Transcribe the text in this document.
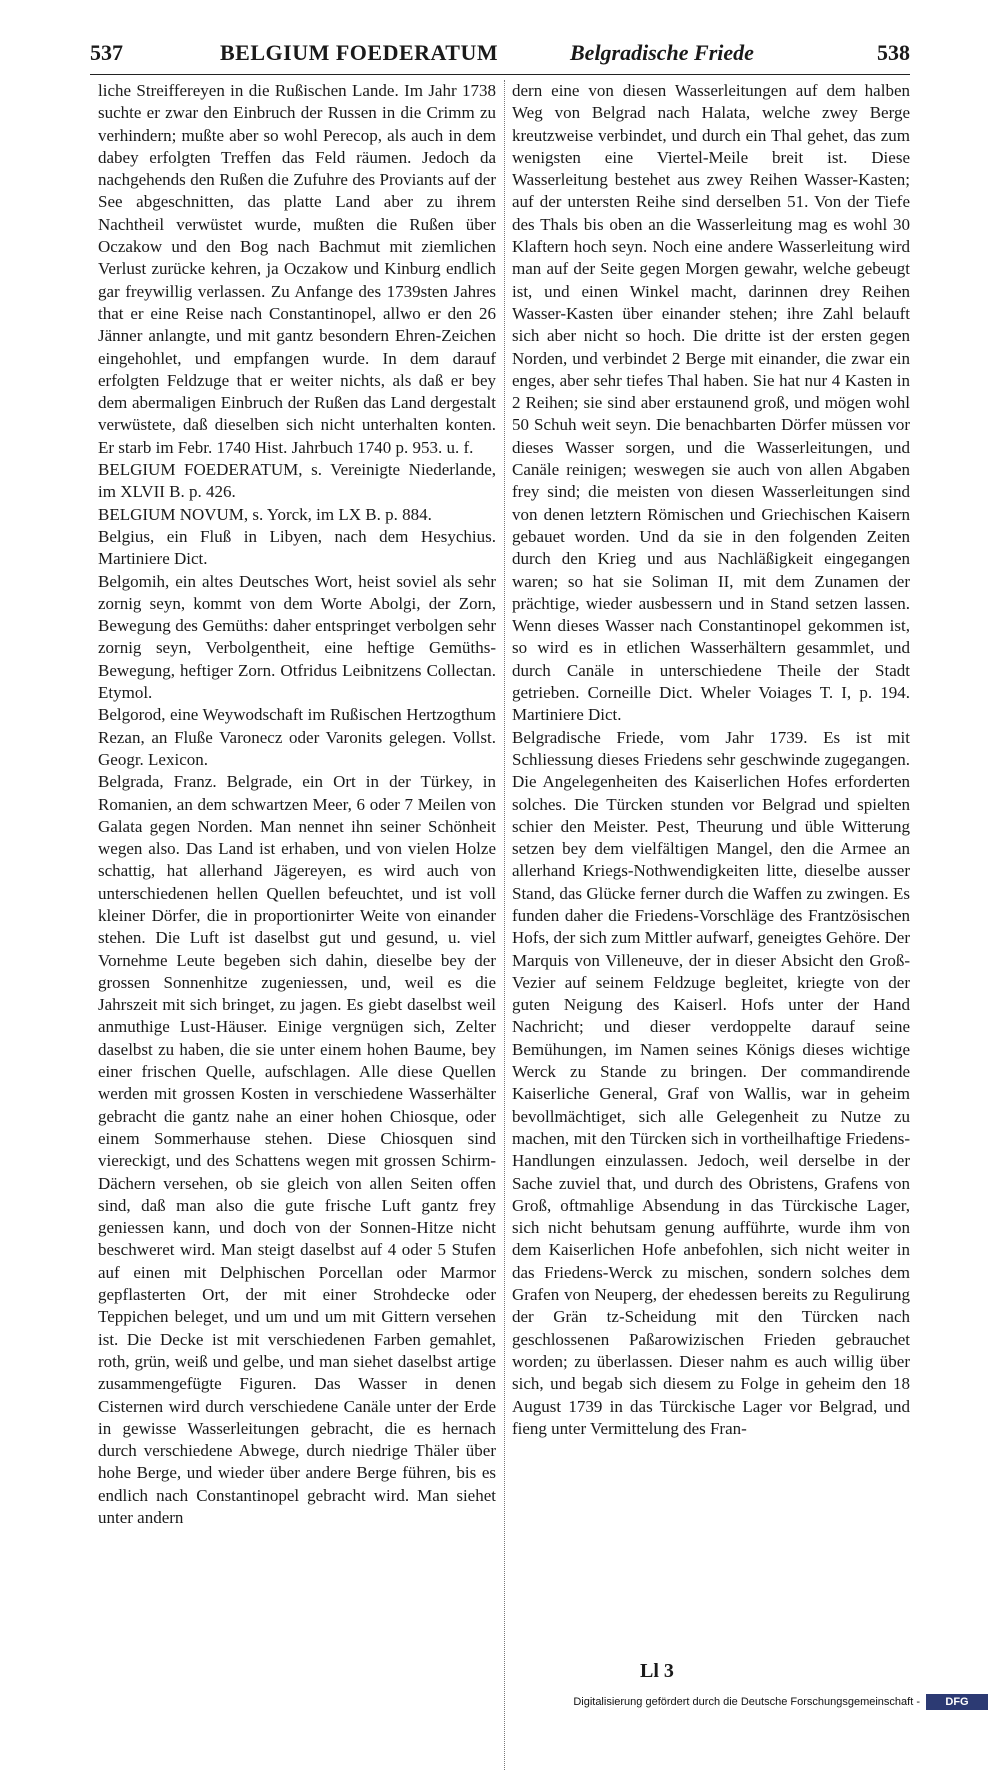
537	BELGIUM FOEDERATUM	Belgradische Friede	538

liche Streiffereyen in die Rußischen Lande. Im Jahr 1738 suchte er zwar den Einbruch der Russen in die Crimm zu verhindern; mußte aber so wohl Perecop, als auch in dem dabey erfolgten Treffen das Feld räumen. Jedoch da nachgehends den Rußen die Zufuhre des Proviants auf der See abgeschnitten, das platte Land aber zu ihrem Nachtheil verwüstet wurde, mußten die Rußen über Oczakow und den Bog nach Bachmut mit ziemlichen Verlust zurücke kehren, ja Oczakow und Kinburg endlich gar freywillig verlassen. Zu Anfange des 1739sten Jahres that er eine Reise nach Constantinopel, allwo er den 26 Jänner anlangte, und mit gantz besondern Ehren-Zeichen eingehohlet, und empfangen wurde. In dem darauf erfolgten Feldzuge that er weiter nichts, als daß er bey dem abermaligen Einbruch der Rußen das Land dergestalt verwüstete, daß dieselben sich nicht unterhalten konten. Er starb im Febr. 1740 Hist. Jahrbuch 1740 p. 953. u. f.

BELGIUM FOEDERATUM, s. Vereinigte Niederlande, im XLVII B. p. 426.

BELGIUM NOVUM, s. Yorck, im LX B. p. 884.

Belgius, ein Fluß in Libyen, nach dem Hesychius. Martiniere Dict.

Belgomih, ein altes Deutsches Wort, heist soviel als sehr zornig seyn, kommt von dem Worte Abolgi, der Zorn, Bewegung des Gemüths: daher entspringet verbolgen sehr zornig seyn, Verbolgentheit, eine heftige Gemüths-Bewegung, heftiger Zorn. Otfridus Leibnitzens Collectan. Etymol.

Belgorod, eine Weywodschaft im Rußischen Hertzogthum Rezan, an Fluße Varonecz oder Varonits gelegen. Vollst. Geogr. Lexicon.

Belgrada, Franz. Belgrade, ein Ort in der Türkey, in Romanien, an dem schwartzen Meer, 6 oder 7 Meilen von Galata gegen Norden. Man nennet ihn seiner Schönheit wegen also. Das Land ist erhaben, und von vielen Holze schattig, hat allerhand Jägereyen, es wird auch von unterschiedenen hellen Quellen befeuchtet, und ist voll kleiner Dörfer, die in proportionirter Weite von einander stehen. Die Luft ist daselbst gut und gesund, u. viel Vornehme Leute begeben sich dahin, dieselbe bey der grossen Sonnenhitze zugeniessen, und, weil es die Jahrszeit mit sich bringet, zu jagen. Es giebt daselbst weil anmuthige Lust-Häuser. Einige vergnügen sich, Zelter daselbst zu haben, die sie unter einem hohen Baume, bey einer frischen Quelle, aufschlagen. Alle diese Quellen werden mit grossen Kosten in verschiedene Wasserhälter gebracht die gantz nahe an einer hohen Chiosque, oder einem Sommerhause stehen. Diese Chiosquen sind viereckigt, und des Schattens wegen mit grossen Schirm-Dächern versehen, ob sie gleich von allen Seiten offen sind, daß man also die gute frische Luft gantz frey geniessen kann, und doch von der Sonnen-Hitze nicht beschweret wird. Man steigt daselbst auf 4 oder 5 Stufen auf einen mit Delphischen Porcellan oder Marmor gepflasterten Ort, der mit einer Strohdecke oder Teppichen beleget, und um und um mit Gittern versehen ist. Die Decke ist mit verschiedenen Farben gemahlet, roth, grün, weiß und gelbe, und man siehet daselbst artige zusammengefügte Figuren. Das Wasser in denen Cisternen wird durch verschiedene Canäle unter der Erde in gewisse Wasserleitungen gebracht, die es hernach durch verschiedene Abwege, durch niedrige Thäler über hohe Berge, und wieder über andere Berge führen, bis es endlich nach Constantinopel gebracht wird. Man siehet unter andern

dern eine von diesen Wasserleitungen auf dem halben Weg von Belgrad nach Halata, welche zwey Berge kreutzweise verbindet, und durch ein Thal gehet, das zum wenigsten eine Viertel-Meile breit ist. Diese Wasserleitung bestehet aus zwey Reihen Wasser-Kasten; auf der untersten Reihe sind derselben 51. Von der Tiefe des Thals bis oben an die Wasserleitung mag es wohl 30 Klaftern hoch seyn. Noch eine andere Wasserleitung wird man auf der Seite gegen Morgen gewahr, welche gebeugt ist, und einen Winkel macht, darinnen drey Reihen Wasser-Kasten über einander stehen; ihre Zahl belauft sich aber nicht so hoch. Die dritte ist der ersten gegen Norden, und verbindet 2 Berge mit einander, die zwar ein enges, aber sehr tiefes Thal haben. Sie hat nur 4 Kasten in 2 Reihen; sie sind aber erstaunend groß, und mögen wohl 50 Schuh weit seyn. Die benachbarten Dörfer müssen vor dieses Wasser sorgen, und die Wasserleitungen, und Canäle reinigen; weswegen sie auch von allen Abgaben frey sind; die meisten von diesen Wasserleitungen sind von denen letztern Römischen und Griechischen Kaisern gebauet worden. Und da sie in den folgenden Zeiten durch den Krieg und aus Nachläßigkeit eingegangen waren; so hat sie Soliman II, mit dem Zunamen der prächtige, wieder ausbessern und in Stand setzen lassen. Wenn dieses Wasser nach Constantinopel gekommen ist, so wird es in etlichen Wasserhältern gesammlet, und durch Canäle in unterschiedene Theile der Stadt getrieben. Corneille Dict. Wheler Voiages T. I, p. 194. Martiniere Dict.

Belgradische Friede, vom Jahr 1739. Es ist mit Schliessung dieses Friedens sehr geschwinde zugegangen. Die Angelegenheiten des Kaiserlichen Hofes erforderten solches. Die Türcken stunden vor Belgrad und spielten schier den Meister. Pest, Theurung und üble Witterung setzen bey dem vielfältigen Mangel, den die Armee an allerhand Kriegs-Nothwendigkeiten litte, dieselbe ausser Stand, das Glücke ferner durch die Waffen zu zwingen. Es funden daher die Friedens-Vorschläge des Frantzösischen Hofs, der sich zum Mittler aufwarf, geneigtes Gehöre. Der Marquis von Villeneuve, der in dieser Absicht den Groß-Vezier auf seinem Feldzuge begleitet, kriegte von der guten Neigung des Kaiserl. Hofs unter der Hand Nachricht; und dieser verdoppelte darauf seine Bemühungen, im Namen seines Königs dieses wichtige Werck zu Stande zu bringen. Der commandirende Kaiserliche General, Graf von Wallis, war in geheim bevollmächtiget, sich alle Gelegenheit zu Nutze zu machen, mit den Türcken sich in vortheilhaftige Friedens-Handlungen einzulassen. Jedoch, weil derselbe in der Sache zuviel that, und durch des Obristens, Grafens von Groß, oftmahlige Absendung in das Türckische Lager, sich nicht behutsam genung aufführte, wurde ihm von dem Kaiserlichen Hofe anbefohlen, sich nicht weiter in das Friedens-Werck zu mischen, sondern solches dem Grafen von Neuperg, der ehedessen bereits zu Regulirung der Grän tz-Scheidung mit den Türcken nach geschlossenen Paßarowizischen Frieden gebrauchet worden; zu überlassen. Dieser nahm es auch willig über sich, und begab sich diesem zu Folge in geheim den 18 August 1739 in das Türckische Lager vor Belgrad, und fieng unter Vermittelung des Fran-

Ll 3
Digitalisierung gefördert durch die Deutsche Forschungsgemeinschaft -	DFG
